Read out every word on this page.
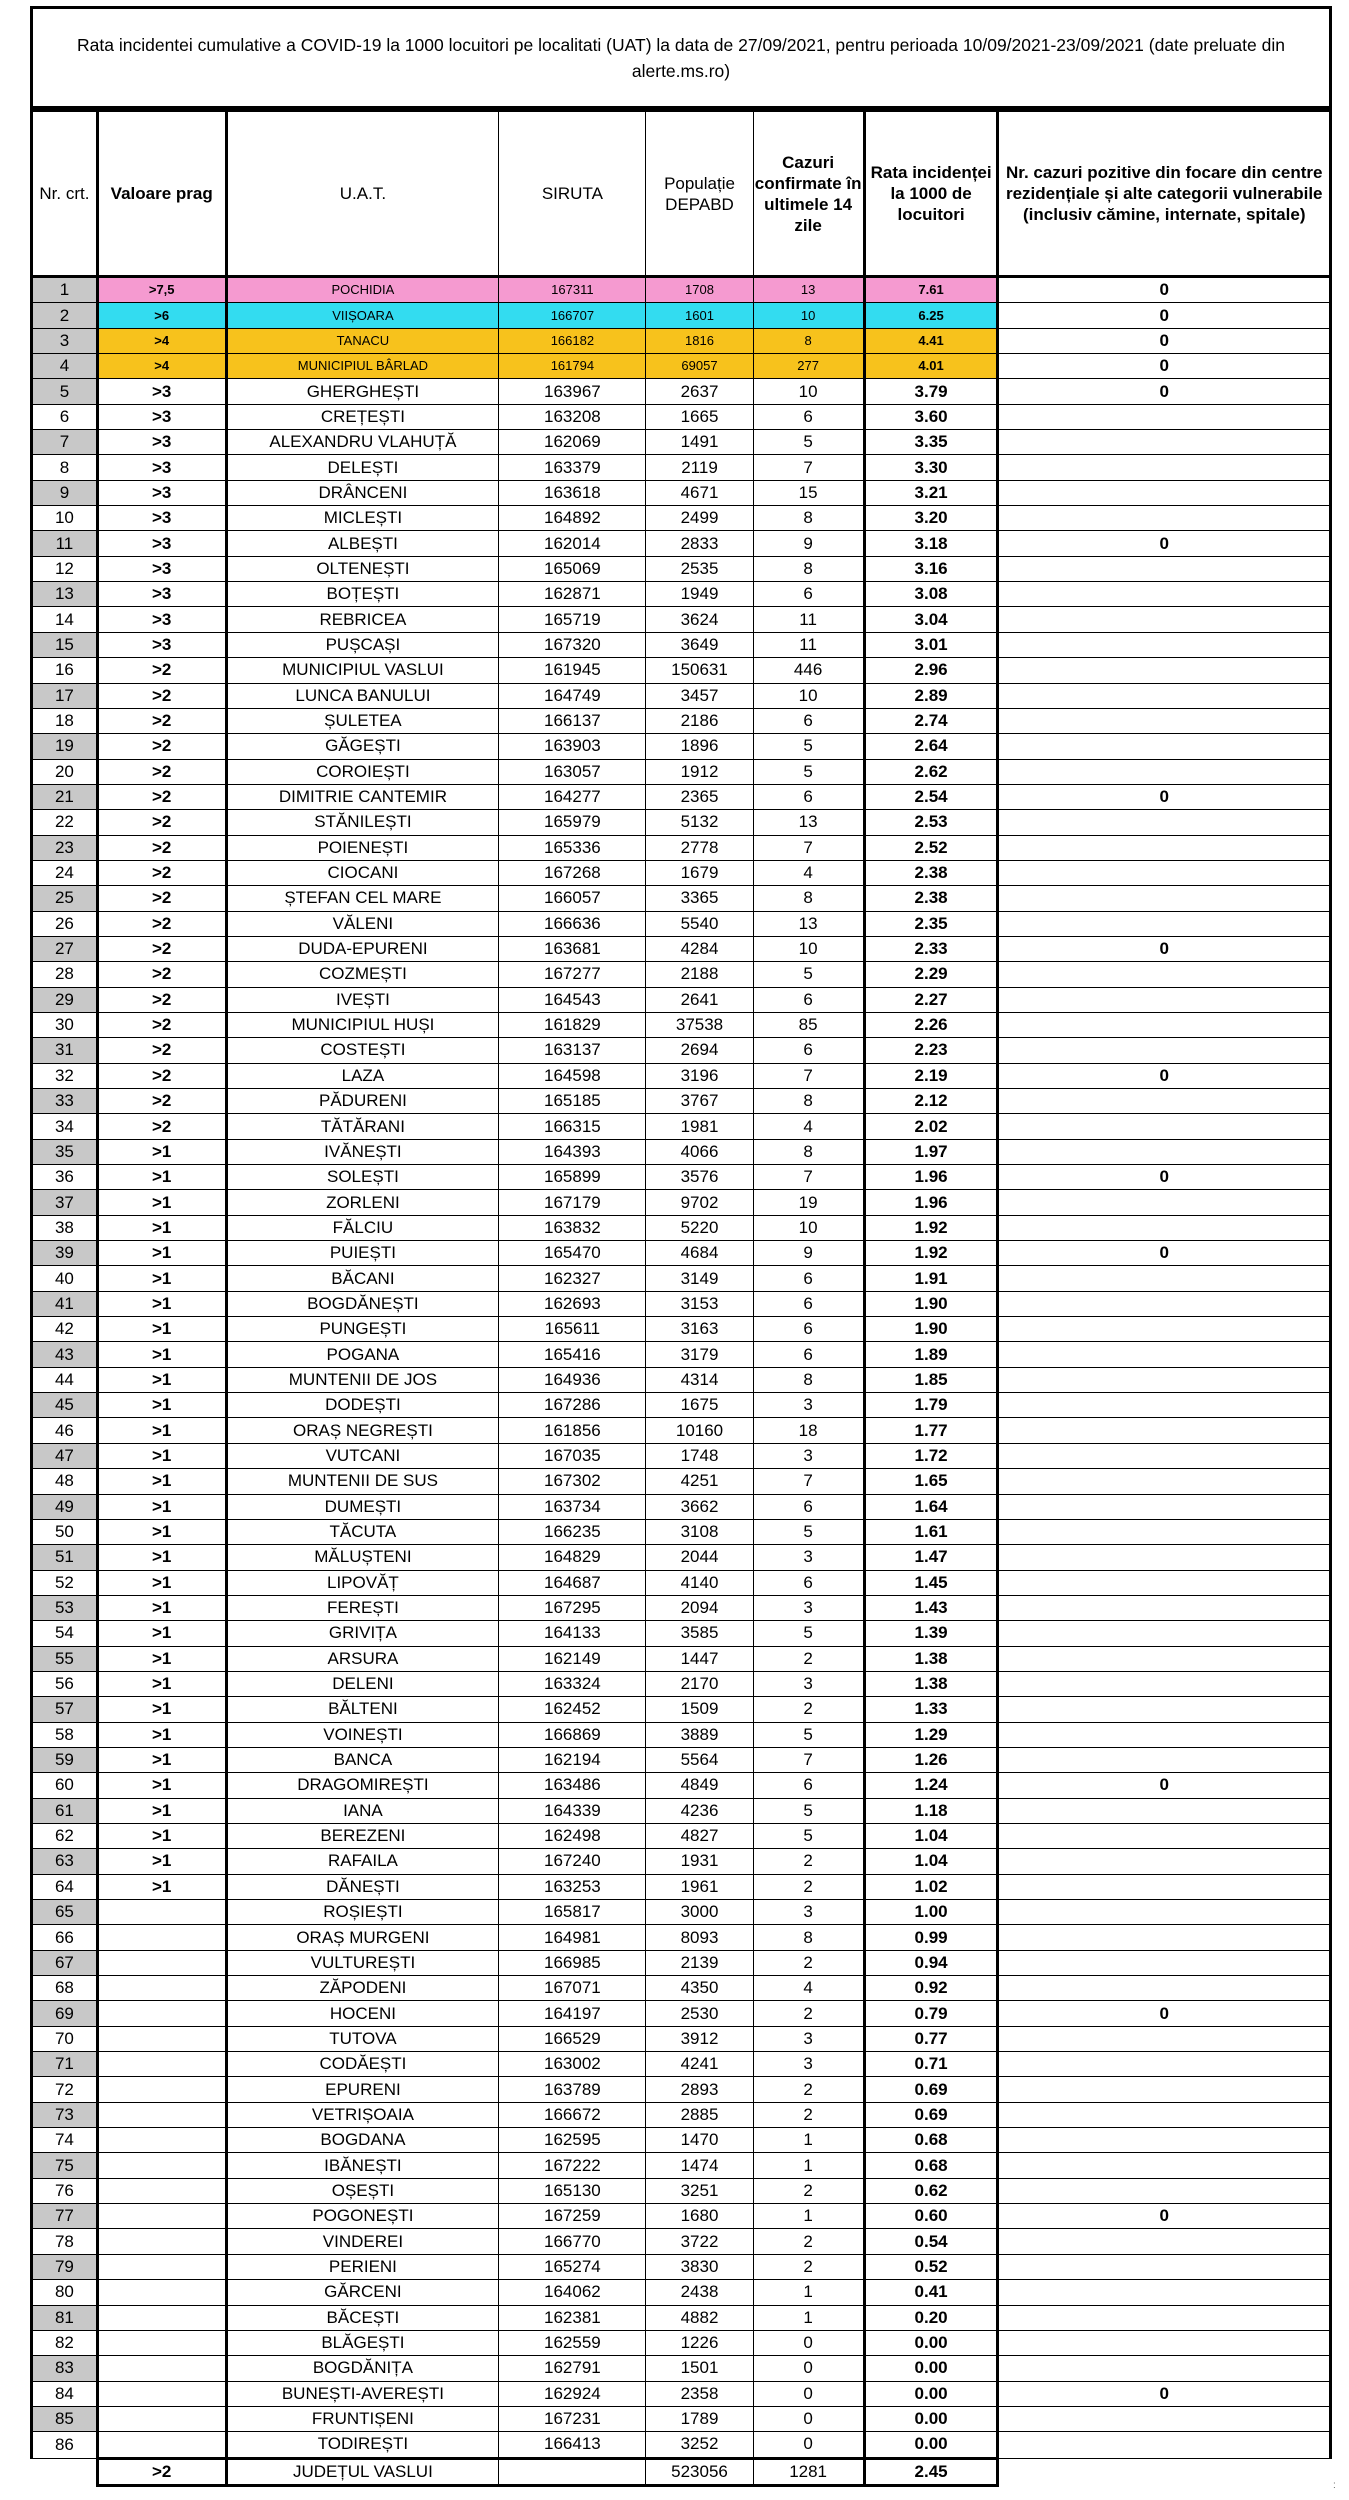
Rata incidentei cumulative a COVID-19 la 1000 locuitori pe localitati (UAT) la data de 27/09/2021, pentru perioada 10/09/2021-23/09/2021 (date preluate din alerte.ms.ro)
Nr. crt.	Valoare prag	U.A.T.	SIRUTA	Populație DEPABD	Cazuri confirmate în ultimele 14 zile	Rata incidenței la 1000 de locuitori	Nr. cazuri pozitive din focare din centre rezidențiale și alte categorii vulnerabile (inclusiv cămine, internate, spitale)
1	>7,5	POCHIDIA	167311	1708	13	7.61	0
2	>6	VIIȘOARA	166707	1601	10	6.25	0
3	>4	TANACU	166182	1816	8	4.41	0
4	>4	MUNICIPIUL BÂRLAD	161794	69057	277	4.01	0
5	>3	GHERGHEȘTI	163967	2637	10	3.79	0
6	>3	CREȚEȘTI	163208	1665	6	3.60	
7	>3	ALEXANDRU VLAHUȚĂ	162069	1491	5	3.35	
8	>3	DELEȘTI	163379	2119	7	3.30	
9	>3	DRÂNCENI	163618	4671	15	3.21	
10	>3	MICLEȘTI	164892	2499	8	3.20	
11	>3	ALBEȘTI	162014	2833	9	3.18	0
12	>3	OLTENEȘTI	165069	2535	8	3.16	
13	>3	BOȚEȘTI	162871	1949	6	3.08	
14	>3	REBRICEA	165719	3624	11	3.04	
15	>3	PUȘCAȘI	167320	3649	11	3.01	
16	>2	MUNICIPIUL VASLUI	161945	150631	446	2.96	
17	>2	LUNCA BANULUI	164749	3457	10	2.89	
18	>2	ȘULETEA	166137	2186	6	2.74	
19	>2	GĂGEȘTI	163903	1896	5	2.64	
20	>2	COROIEȘTI	163057	1912	5	2.62	
21	>2	DIMITRIE CANTEMIR	164277	2365	6	2.54	0
22	>2	STĂNILEȘTI	165979	5132	13	2.53	
23	>2	POIENEȘTI	165336	2778	7	2.52	
24	>2	CIOCANI	167268	1679	4	2.38	
25	>2	ȘTEFAN CEL MARE	166057	3365	8	2.38	
26	>2	VĂLENI	166636	5540	13	2.35	
27	>2	DUDA-EPURENI	163681	4284	10	2.33	0
28	>2	COZMEȘTI	167277	2188	5	2.29	
29	>2	IVEȘTI	164543	2641	6	2.27	
30	>2	MUNICIPIUL HUȘI	161829	37538	85	2.26	
31	>2	COSTEȘTI	163137	2694	6	2.23	
32	>2	LAZA	164598	3196	7	2.19	0
33	>2	PĂDURENI	165185	3767	8	2.12	
34	>2	TĂTĂRANI	166315	1981	4	2.02	
35	>1	IVĂNEȘTI	164393	4066	8	1.97	
36	>1	SOLEȘTI	165899	3576	7	1.96	0
37	>1	ZORLENI	167179	9702	19	1.96	
38	>1	FĂLCIU	163832	5220	10	1.92	
39	>1	PUIEȘTI	165470	4684	9	1.92	0
40	>1	BĂCANI	162327	3149	6	1.91	
41	>1	BOGDĂNEȘTI	162693	3153	6	1.90	
42	>1	PUNGEȘTI	165611	3163	6	1.90	
43	>1	POGANA	165416	3179	6	1.89	
44	>1	MUNTENII DE JOS	164936	4314	8	1.85	
45	>1	DODEȘTI	167286	1675	3	1.79	
46	>1	ORAȘ NEGREȘTI	161856	10160	18	1.77	
47	>1	VUTCANI	167035	1748	3	1.72	
48	>1	MUNTENII DE SUS	167302	4251	7	1.65	
49	>1	DUMEȘTI	163734	3662	6	1.64	
50	>1	TĂCUTA	166235	3108	5	1.61	
51	>1	MĂLUȘTENI	164829	2044	3	1.47	
52	>1	LIPOVĂȚ	164687	4140	6	1.45	
53	>1	FEREȘTI	167295	2094	3	1.43	
54	>1	GRIVIȚA	164133	3585	5	1.39	
55	>1	ARSURA	162149	1447	2	1.38	
56	>1	DELENI	163324	2170	3	1.38	
57	>1	BĂLTENI	162452	1509	2	1.33	
58	>1	VOINEȘTI	166869	3889	5	1.29	
59	>1	BANCA	162194	5564	7	1.26	
60	>1	DRAGOMIREȘTI	163486	4849	6	1.24	0
61	>1	IANA	164339	4236	5	1.18	
62	>1	BEREZENI	162498	4827	5	1.04	
63	>1	RAFAILA	167240	1931	2	1.04	
64	>1	DĂNEȘTI	163253	1961	2	1.02	
65		ROȘIEȘTI	165817	3000	3	1.00	
66		ORAȘ MURGENI	164981	8093	8	0.99	
67		VULTUREȘTI	166985	2139	2	0.94	
68		ZĂPODENI	167071	4350	4	0.92	
69		HOCENI	164197	2530	2	0.79	0
70		TUTOVA	166529	3912	3	0.77	
71		CODĂEȘTI	163002	4241	3	0.71	
72		EPURENI	163789	2893	2	0.69	
73		VETRIȘOAIA	166672	2885	2	0.69	
74		BOGDANA	162595	1470	1	0.68	
75		IBĂNEȘTI	167222	1474	1	0.68	
76		OȘEȘTI	165130	3251	2	0.62	
77		POGONEȘTI	167259	1680	1	0.60	0
78		VINDEREI	166770	3722	2	0.54	
79		PERIENI	165274	3830	2	0.52	
80		GĂRCENI	164062	2438	1	0.41	
81		BĂCEȘTI	162381	4882	1	0.20	
82		BLĂGEȘTI	162559	1226	0	0.00	
83		BOGDĂNIȚA	162791	1501	0	0.00	
84		BUNEȘTI-AVEREȘTI	162924	2358	0	0.00	0
85		FRUNTIȘENI	167231	1789	0	0.00	
86		TODIREȘTI	166413	3252	0	0.00	
	>2	JUDEȚUL VASLUI		523056	1281	2.45	
:
